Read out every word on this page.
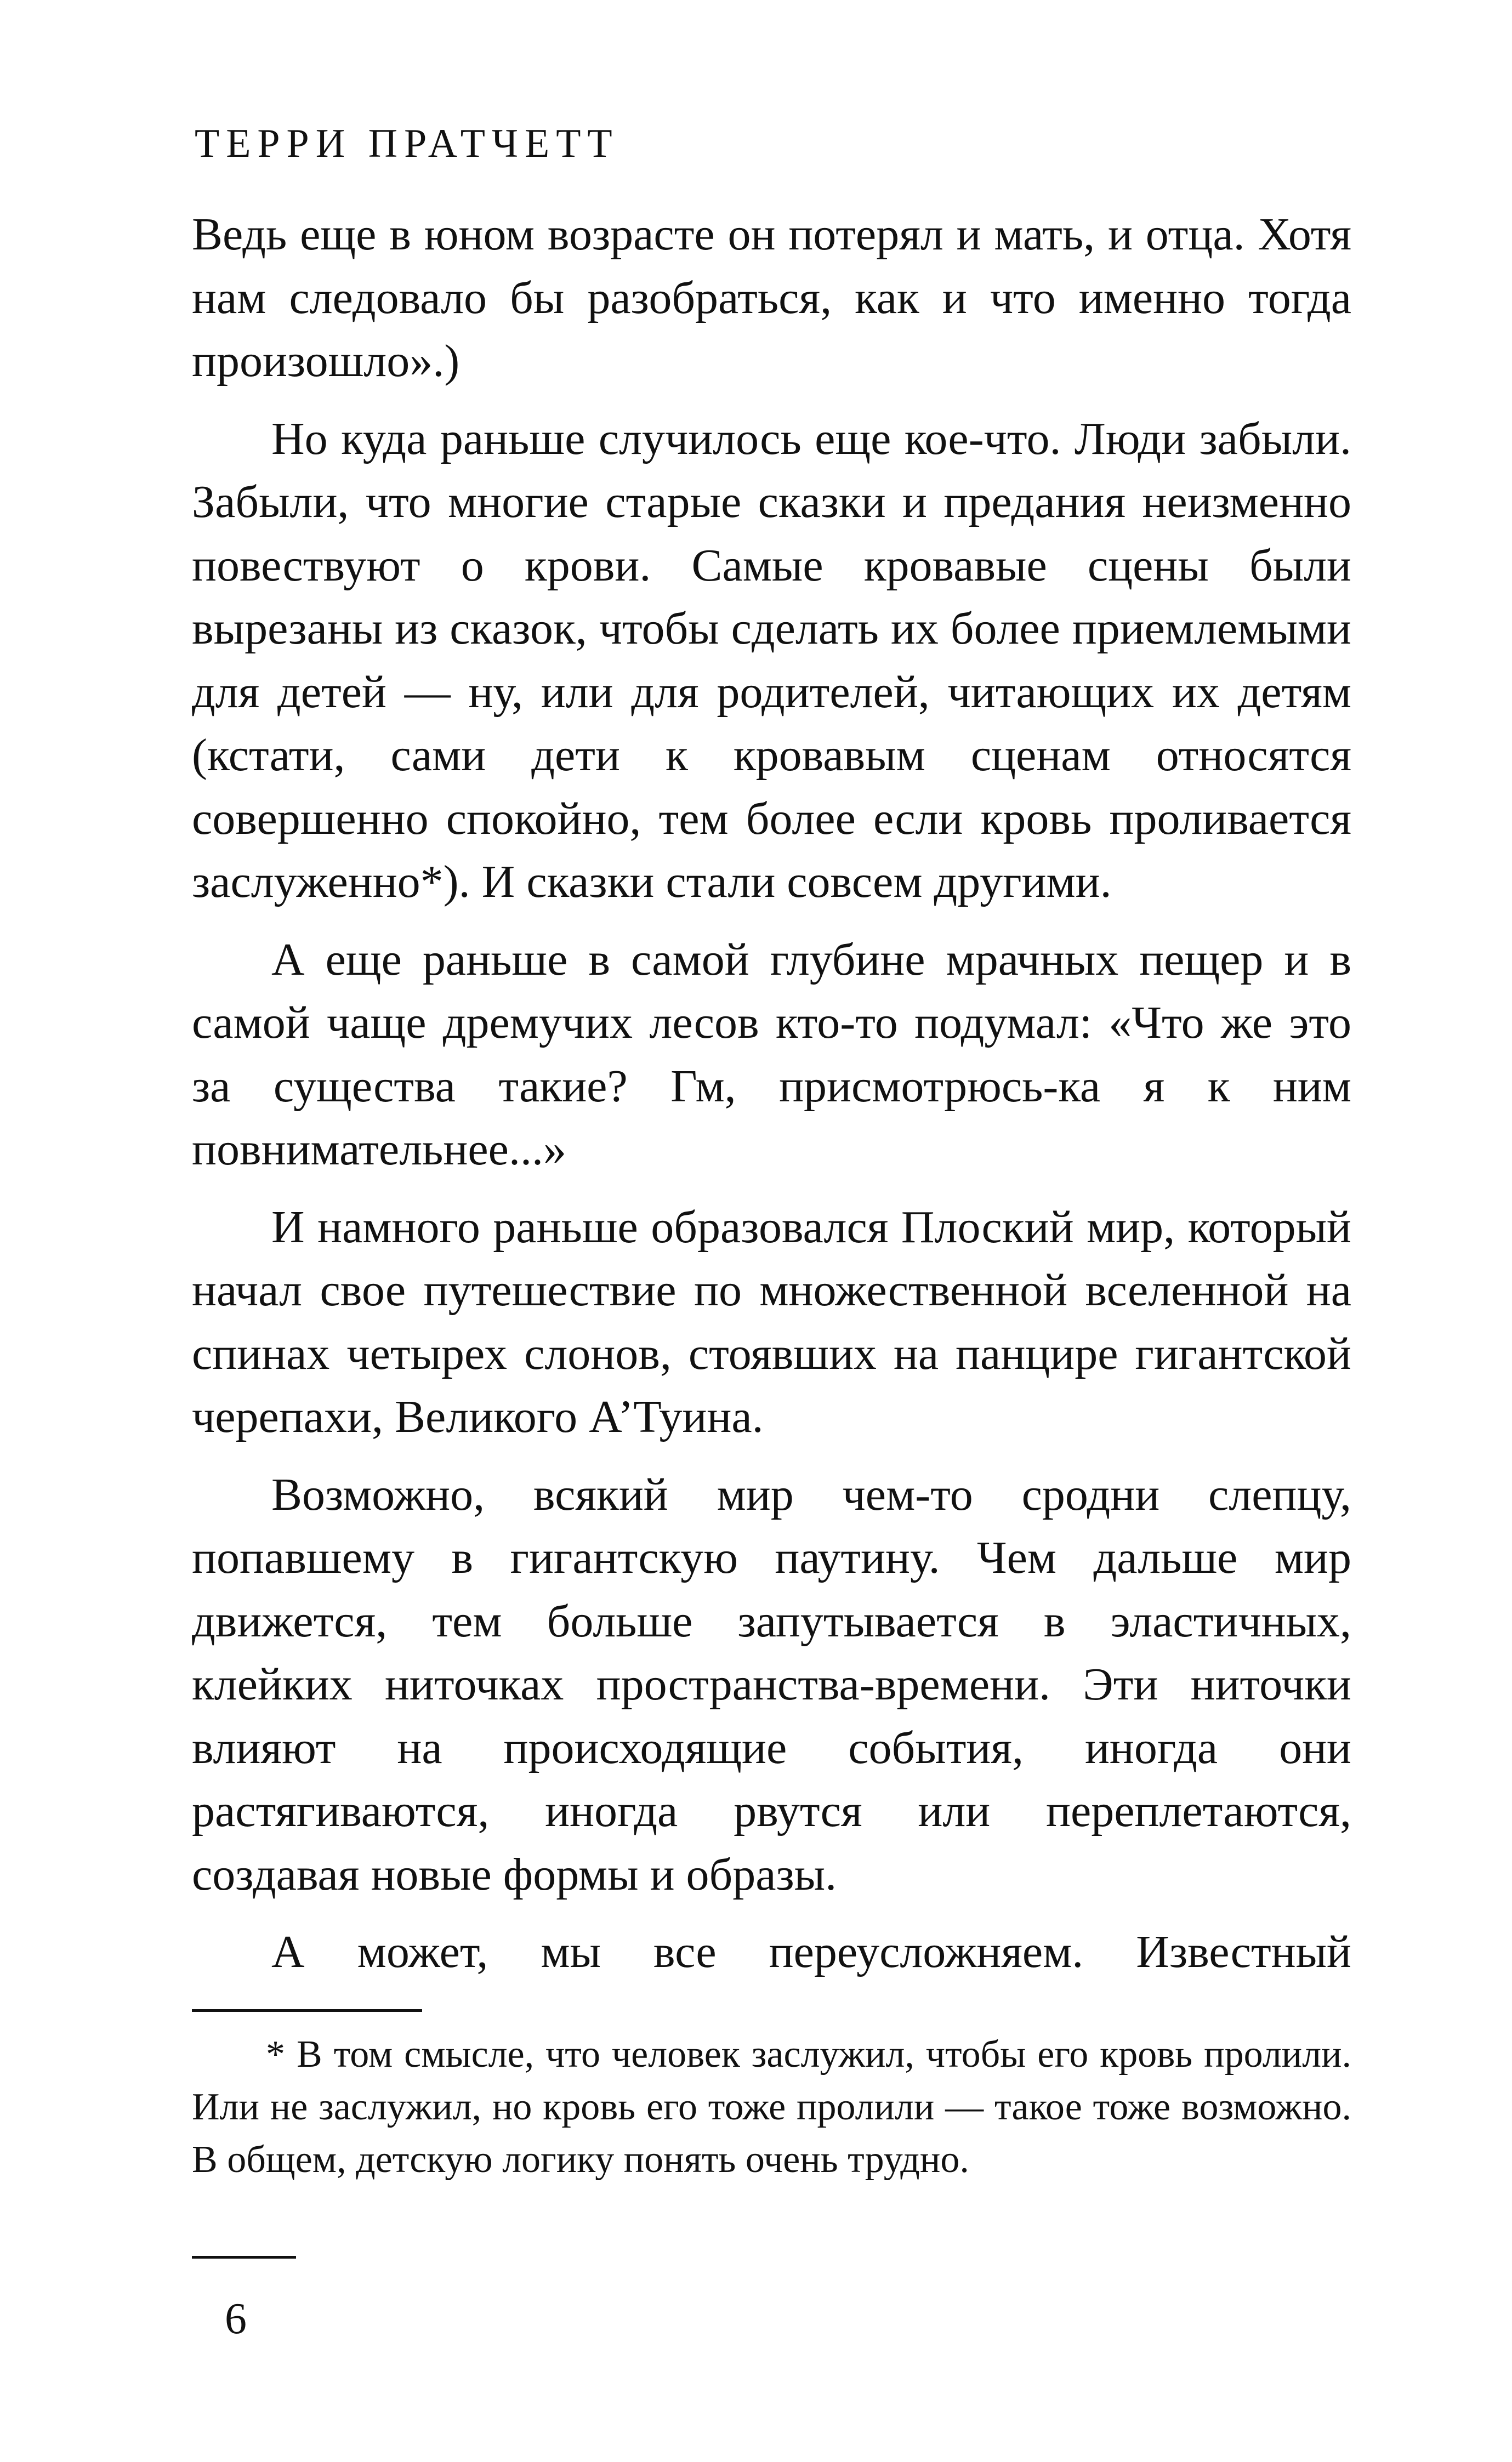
ТЕРРИ ПРАТЧЕТТ

Ведь еще в юном возрасте он потерял и мать, и отца. Хотя нам следовало бы разобраться, как и что именно тогда произошло».)

Но куда раньше случилось еще кое-что. Люди забыли. Забыли, что многие старые сказки и предания неизменно повествуют о крови. Самые кровавые сцены были вырезаны из сказок, чтобы сделать их более приемлемыми для детей — ну, или для родителей, читающих их детям (кстати, сами дети к кровавым сценам относятся совершенно спокойно, тем более если кровь проливается заслуженно*). И сказки стали совсем другими.

А еще раньше в самой глубине мрачных пещер и в самой чаще дремучих лесов кто-то подумал: «Что же это за существа такие? Гм, присмотрюсь-ка я к ним повнимательнее...»

И намного раньше образовался Плоский мир, который начал свое путешествие по множественной вселенной на спинах четырех слонов, стоявших на панцире гигантской черепахи, Великого А’Туина.

Возможно, всякий мир чем-то сродни слепцу, попавшему в гигантскую паутину. Чем дальше мир движется, тем больше запутывается в эластичных, клейких ниточках пространства-времени. Эти ниточки влияют на происходящие события, иногда они растягиваются, иногда рвутся или переплетаются, создавая новые формы и образы.

А может, мы все переусложняем. Известный

* В том смысле, что человек заслужил, чтобы его кровь пролили. Или не заслужил, но кровь его тоже пролили — такое тоже возможно. В общем, детскую логику понять очень трудно.

6
